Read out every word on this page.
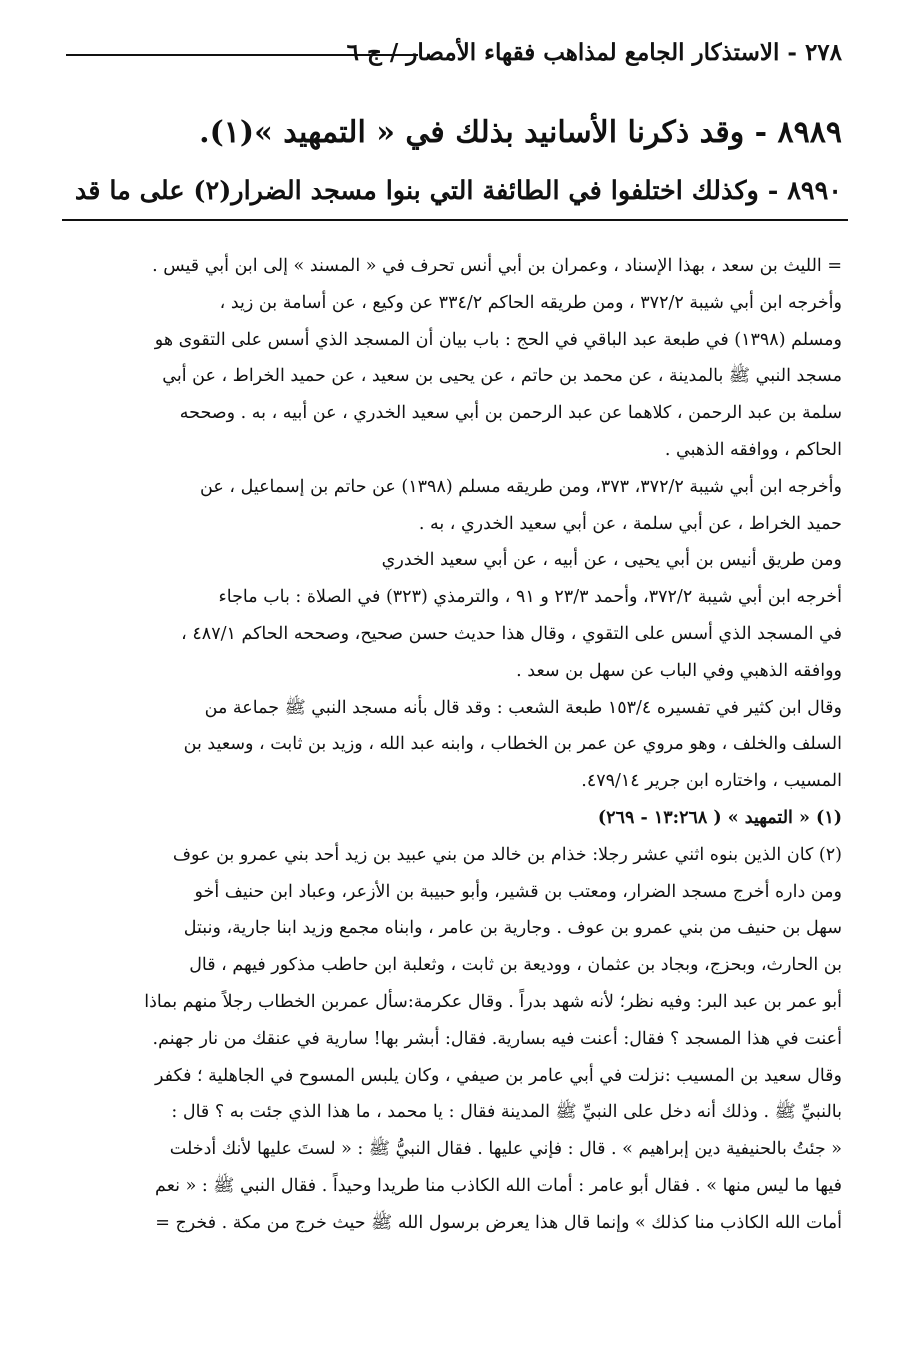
٢٧٨ - الاستذكار الجامع لمذاهب فقهاء الأمصار / ج ٦

٨٩٨٩ - وقد ذكرنا الأسانيد بذلك في « التمهيد »(١).

٨٩٩٠ - وكذلك اختلفوا في الطائفة التي بنوا مسجد الضرار(٢) على ما قد

= الليث بن سعد ، بهذا الإسناد ، وعمران بن أبي أنس تحرف في « المسند » إلى ابن أبي قيس .

وأخرجه ابن أبي شيبة ٣٧٢/٢ ، ومن طريقه الحاكم ٣٣٤/٢ عن وكيع ، عن أسامة بن زيد ،

ومسلم (١٣٩٨) في طبعة عبد الباقي في الحج : باب بيان أن المسجد الذي أسس على التقوى هو

مسجد النبي ﷺ بالمدينة ، عن محمد بن حاتم ، عن يحيى بن سعيد ، عن حميد الخراط ، عن أبي

سلمة بن عبد الرحمن ، كلاهما عن عبد الرحمن بن أبي سعيد الخدري ، عن أبيه ، به . وصححه

الحاكم ، ووافقه الذهبي .

وأخرجه ابن أبي شيبة ٣٧٢/٢، ٣٧٣، ومن طريقه مسلم (١٣٩٨) عن حاتم بن إسماعيل ، عن

حميد الخراط ، عن أبي سلمة ، عن أبي سعيد الخدري ، به .

ومن طريق أنيس بن أبي يحيى ، عن أبيه ، عن أبي سعيد الخدري

أخرجه ابن أبي شيبة ٣٧٢/٢، وأحمد ٢٣/٣ و ٩١ ، والترمذي (٣٢٣) في الصلاة : باب ماجاء

في المسجد الذي أسس على التقوي ، وقال هذا حديث حسن صحيح، وصححه الحاكم ٤٨٧/١ ،

ووافقه الذهبي وفي الباب عن سهل بن سعد .

وقال ابن كثير في تفسيره ١٥٣/٤ طبعة الشعب : وقد قال بأنه مسجد النبي ﷺ جماعة من

السلف والخلف ، وهو مروي عن عمر بن الخطاب ، وابنه عبد الله ، وزيد بن ثابت ، وسعيد بن

المسيب ، واختاره ابن جرير ٤٧٩/١٤.

(١) « التمهيد » ( ١٣:٢٦٨ - ٢٦٩)

(٢) كان الذين بنوه اثني عشر رجلا: خذام بن خالد من بني عبيد بن زيد أحد بني عمرو بن عوف

ومن داره أخرج مسجد الضرار، ومعتب بن قشير، وأبو حبيبة بن الأزعر، وعباد ابن حنيف أخو

سهل بن حنيف من بني عمرو بن عوف . وجارية بن عامر ، وابناه مجمع وزيد ابنا جارية، ونبتل

بن الحارث، وبحزج، وبجاد بن عثمان ، ووديعة بن ثابت ، وثعلبة ابن حاطب مذكور فيهم ، قال

أبو عمر بن عبد البر: وفيه نظر؛ لأنه شهد بدراً . وقال عكرمة:سأل عمربن الخطاب رجلاً منهم بماذا

أعنت في هذا المسجد ؟ فقال: أعنت فيه بسارية. فقال: أبشر بها! سارية في عنقك من نار جهنم.

وقال سعيد بن المسيب :نزلت في أبي عامر بن صيفي ، وكان يلبس المسوح في الجاهلية ؛ فكفر

بالنبيِّ ﷺ . وذلك أنه دخل على النبيِّ ﷺ المدينة فقال : يا محمد ، ما هذا الذي جئت به ؟ قال :

« جئتُ بالحنيفية دين إبراهيم » . قال : فإني عليها . فقال النبيُّ ﷺ : « لستَ عليها لأنك أدخلت

فيها ما ليس منها » . فقال أبو عامر : أمات الله الكاذب منا طريدا وحيداً . فقال النبي ﷺ : « نعم

أمات الله الكاذب منا كذلك » وإنما قال هذا يعرض برسول الله ﷺ حيث خرج من مكة . فخرج =
